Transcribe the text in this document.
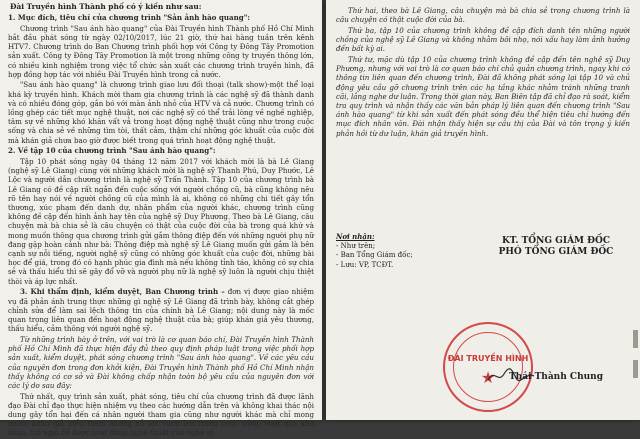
Đài Truyền hình Thành phố có ý kiến như sau:

1. Mục đích, tiêu chí của chương trình "Sản ảnh hào quang":

Chương trình "Sau ánh hào quang" của Đài Truyền hình Thành phố Hồ Chí Minh bắt đầu phát sóng từ ngày 02/10/2017, lúc 21 giờ, thứ hai hàng tuần trên kênh HTV7. Chương trình do Ban Chương trình phối hợp với Công ty Đông Tây Promotion sản xuất. Công ty Đông Tây Promotion là một trong những công ty truyền thông lớn, có nhiều kinh nghiệm trong việc tổ chức sản xuất các chương trình truyền hình, đã hợp đồng hợp tác với nhiều Đài Truyền hình trong cả nước.

"Sau ánh hào quang" là chương trình giao lưu đối thoại (talk show)-một thể loại khá kỳ truyền hình. Khách mời tham gia chương trình là các nghệ sỹ đã thành danh và có nhiều đóng góp, gắn bó với màn ảnh nhỏ của HTV và cả nước. Chương trình có lồng ghép các tiết mục nghệ thuật, nơi các nghệ sỹ có thể trải lòng về nghề nghiệp, tâm sự về những khó khăn vất vả trong hoạt động nghệ thuật cũng như trong cuộc sống và chia sẻ về những tìm tòi, thất cảm, thậm chí những góc khuất của cuộc đời mà khán giả chưa bao giờ được biết trong quá trình hoạt động nghệ thuật.

2. Về tập 10 của chương trình "Sau ánh hào quang":

Tập 10 phát sóng ngày 04 tháng 12 năm 2017 với khách mời là bà Lê Giang (nghệ sỹ Lê Giang) cùng với những khách mời là nghệ sỹ Thanh Phú, Duy Phước, Lê Lộc và người dẫn chương trình là nghệ sỹ Trấn Thành. Tập 10 của chương trình bà Lê Giang có đề cập rất ngắn đến cuộc sống với người chồng cũ, bà cũng không nêu rõ tên hay nói về người chồng cũ của mình là ai, không có những chi tiết gây tổn thương, xúc phạm đến danh dự, nhân phẩm của người khác, chương trình cũng không đề cập đến hình ảnh hay tên của nghệ sỹ Duy Phương. Theo bà Lê Giang, câu chuyện mà bà chia sẻ là câu chuyện có thật của cuộc đời của bà trong quá khứ và mong muốn thông qua chương trình gửi gắm thông điệp đến với những người phụ nữ đang gặp hoàn cảnh như bà: Thông điệp mà nghệ sỹ Lê Giang muốn gửi gắm là bên cạnh sự nỗi tiếng, người nghệ sỹ cũng có những góc khuất của cuộc đời, những bài học để giá, trong đó có hạnh phúc gia đình mà nếu không tỉnh táo, không có sự chia sẻ và thấu hiểu thì sẽ gây đổ vỡ và người phụ nữ là nghệ sỹ luôn là người chịu thiệt thòi và áp lực nhất.

3. Khi thẩm định, kiểm duyệt, Ban Chương trình – đơn vị được giao nhiệm vụ đã phản ánh trung thực những gì nghệ sỹ Lê Giang đã trình bày, không cắt ghép chỉnh sửa để làm sai lệch thông tin của chính bà Lê Giang; nội dung này là mốc quan trọng liên quan đến hoạt động nghệ thuật của bà; giúp khán giả yêu thương, thấu hiểu, cảm thông với người nghệ sỹ.

Từ những trình bày ở trên, với vai trò là cơ quan báo chí, Đài Truyền hình Thành phố Hồ Chí Minh đã thực hiện đầy đủ theo quy định pháp luật trong việc phối hợp sản xuất, kiểm duyệt, phát sóng chương trình "Sau ánh hào quang". Về các yêu cầu của nguyên đơn trong đơn khởi kiện, Đài Truyền hình Thành phố Hồ Chí Minh nhận thấy không có cơ sở và Đài không chấp nhận toàn bộ yêu cầu của nguyên đơn với các lý do sau đây:

Thứ nhất, quy trình sản xuất, phát sóng, tiêu chí của chương trình đã được lãnh đạo Đài chỉ đạo thực hiện nhiệm vụ theo các hướng dẫn trên và không khai thác nội dung gây tổn hại đến cá nhân người tham gia cũng như người khác mà chỉ mong muốn khán giả hiểu thêm những nỗ lực vươn lên trong cuộc sống, vượt qua khó khăn, trở ngại để được hoạt động nghệ thuật của nghệ sỹ.

Thứ hai, theo bà Lê Giang, câu chuyện mà bà chia sẻ trong chương trình là câu chuyện có thật cuộc đời của bà.

Thứ ba, tập 10 của chương trình không đề cập đích danh tên những người chồng của nghệ sỹ Lê Giang và không nhằm bôi nhọ, nói xấu hay làm ảnh hưởng đến bất kỳ ai.

Thứ tư, mặc dù tập 10 của chương trình không đề cập đến tên nghệ sỹ Duy Phương, nhưng với vai trò là cơ quan báo chí chủ quản chương trình, ngay khi có thông tin liên quan đến chương trình, Đài đã không phát sóng lại tập 10 và chủ động yêu cầu gỡ chương trình trên các hạ tầng khác nhằm tránh những tranh cãi, lắng nghe dư luận. Trong thời gian này, Ban Biên tập đã chỉ đạo rà soát, kiểm tra quy trình và nhận thấy các văn bản pháp lý liên quan đến chương trình "Sau ánh hào quang" từ khi sản xuất đến phát sóng đều thể hiện tiêu chí hướng đến mục đích nhân văn. Đài nhận thấy hiện sự cầu thị của Đài và tôn trọng ý kiến phản hồi từ dư luận, khán giả truyền hình.

Nơi nhận:
- Như trên;
- Ban Tổng Giám đốc;
- Lưu: VP, TCĐT.
KT. TỔNG GIÁM ĐỐC
PHÓ TỔNG GIÁM ĐỐC
ĐÀI TRUYỀN HÌNH
★	Thái Thành Chung
